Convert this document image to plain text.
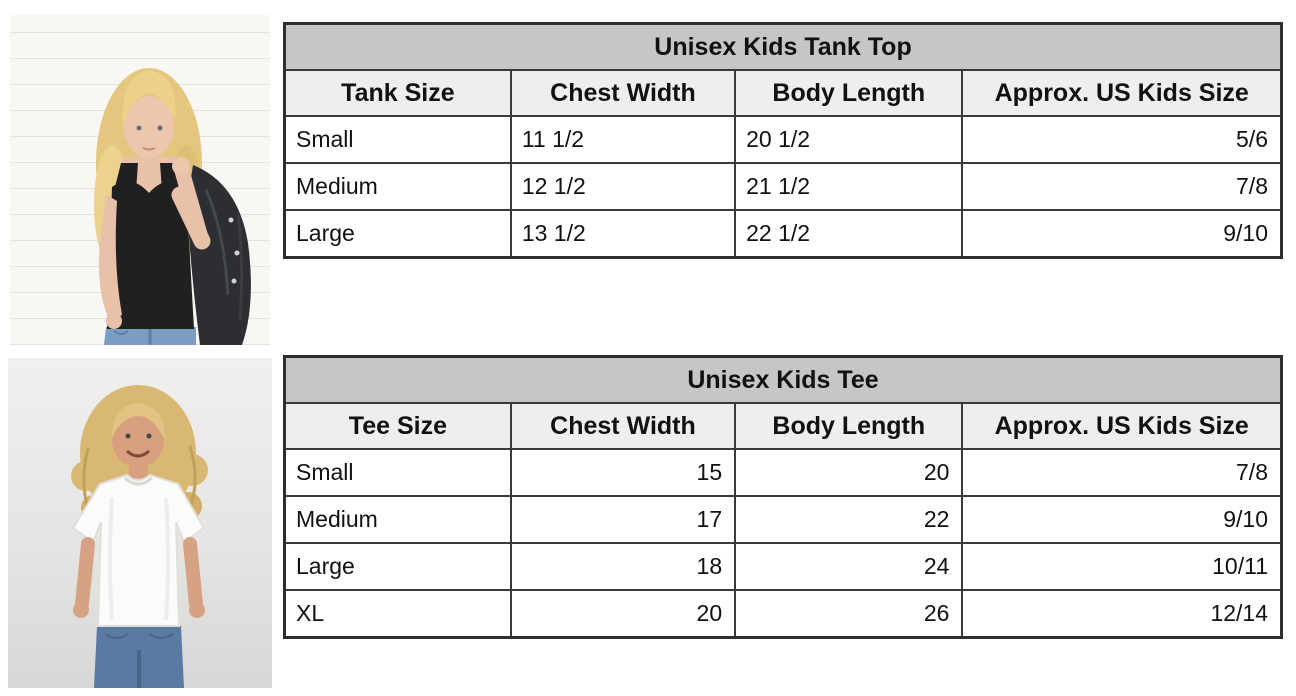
Unisex Kids Tank Top			
Tank Size	Chest Width	Body Length	Approx. US Kids Size
Small	11 1/2	20 1/2	5/6
Medium	12 1/2	21 1/2	7/8
Large	13 1/2	22 1/2	9/10
Unisex Kids Tee			
Tee Size	Chest Width	Body Length	Approx. US Kids Size
Small	15	20	7/8
Medium	17	22	9/10
Large	18	24	10/11
XL	20	26	12/14
